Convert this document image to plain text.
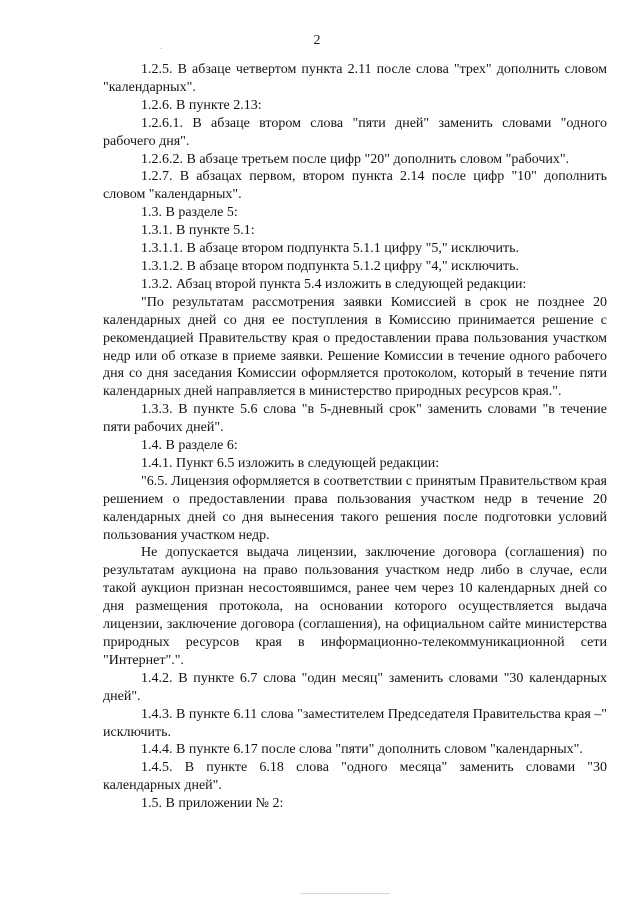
2

1.2.5. В абзаце четвертом пункта 2.11 после слова "трех" дополнить словом "календарных".

1.2.6. В пункте 2.13:

1.2.6.1. В абзаце втором слова "пяти дней" заменить словами "одного рабочего дня".

1.2.6.2. В абзаце третьем после цифр "20" дополнить словом "рабочих".

1.2.7. В абзацах первом, втором пункта 2.14 после цифр "10" дополнить словом "календарных".

1.3. В разделе 5:

1.3.1. В пункте 5.1:

1.3.1.1. В абзаце втором подпункта 5.1.1 цифру "5," исключить.

1.3.1.2. В абзаце втором подпункта 5.1.2 цифру "4," исключить.

1.3.2. Абзац второй пункта 5.4 изложить в следующей редакции:

"По результатам рассмотрения заявки Комиссией в срок не позднее 20 календарных дней со дня ее поступления в Комиссию принимается решение с рекомендацией Правительству края о предоставлении права пользования участком недр или об отказе в приеме заявки. Решение Комиссии в течение одного рабочего дня со дня заседания Комиссии оформляется протоколом, который в течение пяти календарных дней направляется в министерство природных ресурсов края.".

1.3.3. В пункте 5.6 слова "в 5-дневный срок" заменить словами "в течение пяти рабочих дней".

1.4. В разделе 6:

1.4.1. Пункт 6.5 изложить в следующей редакции:

"6.5. Лицензия оформляется в соответствии с принятым Правительством края решением о предоставлении права пользования участком недр в течение 20 календарных дней со дня вынесения такого решения после подготовки условий пользования участком недр.

Не допускается выдача лицензии, заключение договора (соглашения) по результатам аукциона на право пользования участком недр либо в случае, если такой аукцион признан несостоявшимся, ранее чем через 10 календарных дней со дня размещения протокола, на основании которого осуществляется выдача лицензии, заключение договора (соглашения), на официальном сайте министерства природных ресурсов края в информационно-телекоммуникационной сети "Интернет".".

1.4.2. В пункте 6.7 слова "один месяц" заменить словами "30 календарных дней".

1.4.3. В пункте 6.11 слова "заместителем Председателя Правительства края –" исключить.

1.4.4. В пункте 6.17 после слова "пяти" дополнить словом "календарных".

1.4.5. В пункте 6.18 слова "одного месяца" заменить словами "30 календарных дней".

1.5. В приложении № 2:
